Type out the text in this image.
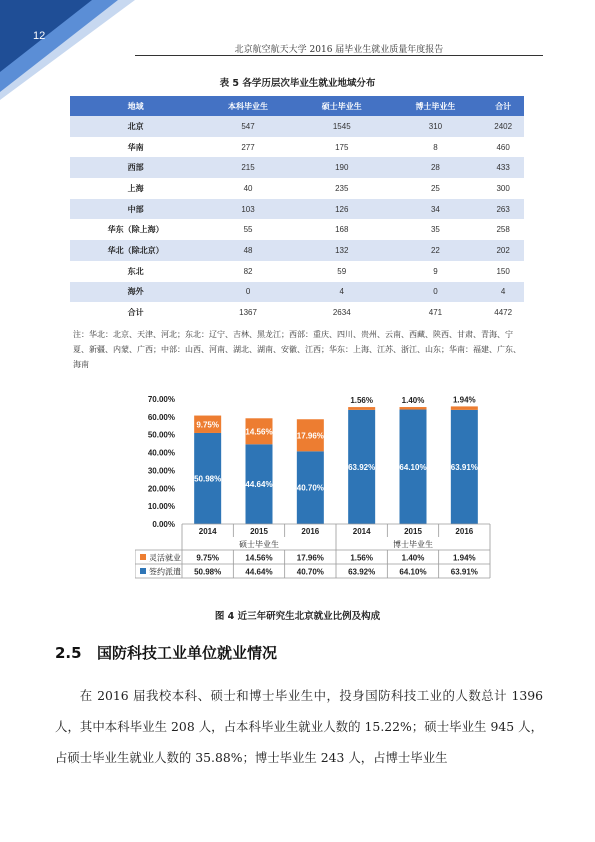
12
北京航空航天大学 2016 届毕业生就业质量年度报告
表 5 各学历层次毕业生就业地域分布
地域	本科毕业生	硕士毕业生	博士毕业生	合计
北京	547	1545	310	2402
华南	277	175	8	460
西部	215	190	28	433
上海	40	235	25	300
中部	103	126	34	263
华东（除上海）	55	168	35	258
华北（除北京）	48	132	22	202
东北	82	59	9	150
海外	0	4	0	4
合计	1367	2634	471	4472
注：华北：北京、天津、河北；东北：辽宁、吉林、黑龙江；西部：重庆、四川、贵州、云南、西藏、陕西、甘肃、青海、宁夏、新疆、内蒙、广西；中部：山西、河南、湖北、湖南、安徽、江西；华东：上海、江苏、浙江、山东；华南：福建、广东、海南
0.00%
10.00%
20.00%
30.00%
40.00%
50.00%
60.00%
70.00%
50.98%
9.75%
44.64%
14.56%
40.70%
17.96%
63.92%
1.56%
64.10%
1.40%
63.91%
1.94%
2014	2015	2016	2014	2015	2016
硕士毕业生	博士毕业生
灵活就业 9.75%	14.56%	17.96%	1.56%	1.40%	1.94%
签约派遣 50.98%	44.64%	40.70%	63.92%	64.10%	63.91%
图 4 近三年研究生北京就业比例及构成
2.5 国防科技工业单位就业情况

在 2016 届我校本科、硕士和博士毕业生中，投身国防科技工业的人数总计 1396 人，其中本科毕业生 208 人，占本科毕业生就业人数的 15.22%；硕士毕业生 945 人，占硕士毕业生就业人数的 35.88%；博士毕业生 243 人，占博士毕业生
